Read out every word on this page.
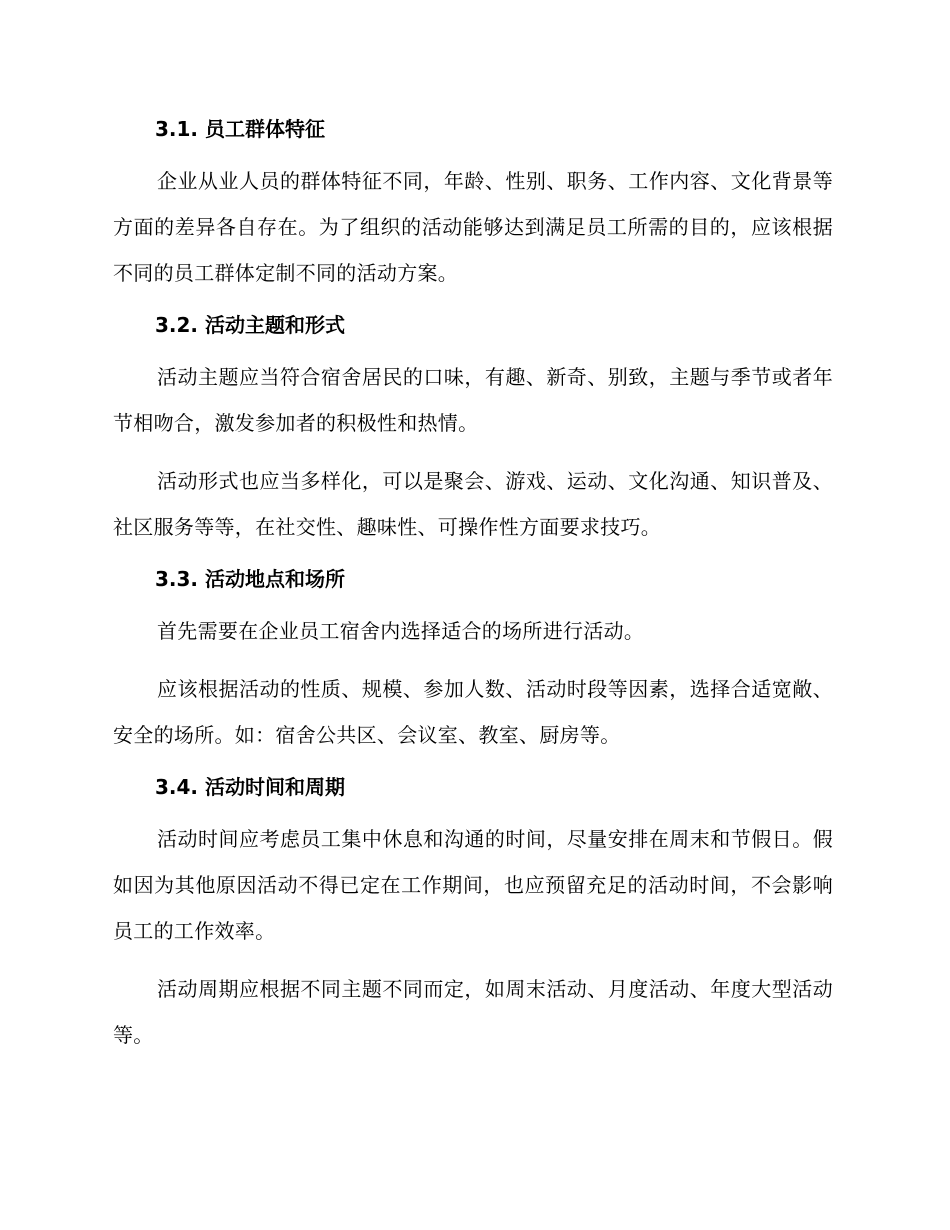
3.1. 员工群体特征

企业从业人员的群体特征不同，年龄、性别、职务、工作内容、文化背景等方面的差异各自存在。为了组织的活动能够达到满足员工所需的目的，应该根据不同的员工群体定制不同的活动方案。

3.2. 活动主题和形式

活动主题应当符合宿舍居民的口味，有趣、新奇、别致，主题与季节或者年节相吻合，激发参加者的积极性和热情。

活动形式也应当多样化，可以是聚会、游戏、运动、文化沟通、知识普及、社区服务等等，在社交性、趣味性、可操作性方面要求技巧。

3.3. 活动地点和场所

首先需要在企业员工宿舍内选择适合的场所进行活动。

应该根据活动的性质、规模、参加人数、活动时段等因素，选择合适宽敞、安全的场所。如：宿舍公共区、会议室、教室、厨房等。

3.4. 活动时间和周期

活动时间应考虑员工集中休息和沟通的时间，尽量安排在周末和节假日。假如因为其他原因活动不得已定在工作期间，也应预留充足的活动时间，不会影响员工的工作效率。

活动周期应根据不同主题不同而定，如周末活动、月度活动、年度大型活动等。
